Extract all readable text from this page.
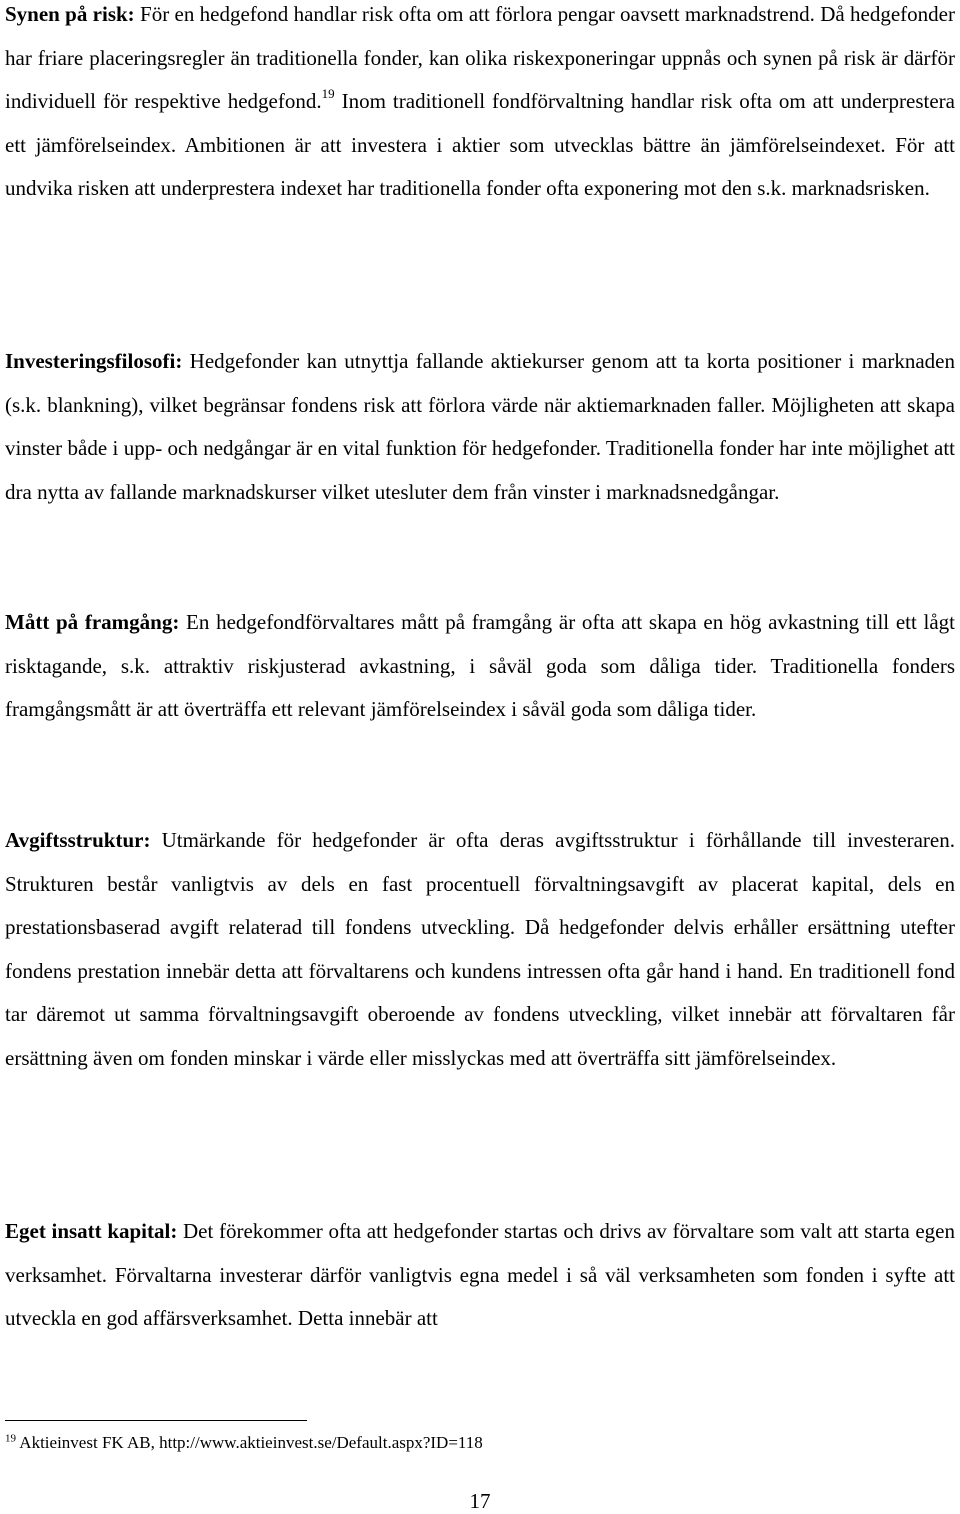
Synen på risk: För en hedgefond handlar risk ofta om att förlora pengar oavsett marknadstrend. Då hedgefonder har friare placeringsregler än traditionella fonder, kan olika riskexponeringar uppnås och synen på risk är därför individuell för respektive hedgefond.$^{19}$ Inom traditionell fondförvaltning handlar risk ofta om att underprestera ett jämförelseindex. Ambitionen är att investera i aktier som utvecklas bättre än jämförelseindexet. För att undvika risken att underprestera indexet har traditionella fonder ofta exponering mot den s.k. marknadsrisken.

Investeringsfilosofi: Hedgefonder kan utnyttja fallande aktiekurser genom att ta korta positioner i marknaden (s.k. blankning), vilket begränsar fondens risk att förlora värde när aktiemarknaden faller. Möjligheten att skapa vinster både i upp- och nedgångar är en vital funktion för hedgefonder. Traditionella fonder har inte möjlighet att dra nytta av fallande marknadskurser vilket utesluter dem från vinster i marknadsnedgångar.

Mått på framgång: En hedgefondförvaltares mått på framgång är ofta att skapa en hög avkastning till ett lågt risktagande, s.k. attraktiv riskjusterad avkastning, i såväl goda som dåliga tider. Traditionella fonders framgångsmått är att överträffa ett relevant jämförelseindex i såväl goda som dåliga tider.

Avgiftsstruktur: Utmärkande för hedgefonder är ofta deras avgiftsstruktur i förhållande till investeraren. Strukturen består vanligtvis av dels en fast procentuell förvaltningsavgift av placerat kapital, dels en prestationsbaserad avgift relaterad till fondens utveckling. Då hedgefonder delvis erhåller ersättning utefter fondens prestation innebär detta att förvaltarens och kundens intressen ofta går hand i hand. En traditionell fond tar däremot ut samma förvaltningsavgift oberoende av fondens utveckling, vilket innebär att förvaltaren får ersättning även om fonden minskar i värde eller misslyckas med att överträffa sitt jämförelseindex.

Eget insatt kapital: Det förekommer ofta att hedgefonder startas och drivs av förvaltare som valt att starta egen verksamhet. Förvaltarna investerar därför vanligtvis egna medel i så väl verksamheten som fonden i syfte att utveckla en god affärsverksamhet. Detta innebär att

$^{19}$ Aktieinvest FK AB, http://www.aktieinvest.se/Default.aspx?ID=118
17
